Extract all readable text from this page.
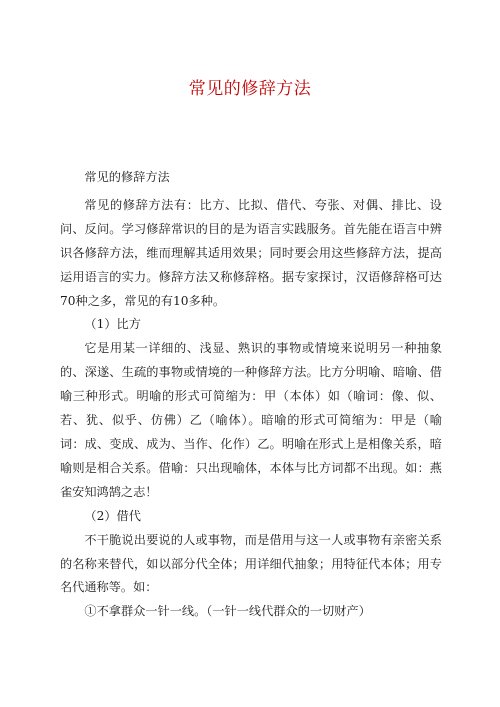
常见的修辞方法

常见的修辞方法

常见的修辞方法有：比方、比拟、借代、夸张、对偶、排比、设问、反问。学习修辞常识的目的是为语言实践服务。首先能在语言中辨识各修辞方法，维而理解其适用效果；同时要会用这些修辞方法，提高运用语言的实力。修辞方法又称修辞格。据专家探讨，汉语修辞格可达70种之多，常见的有10多种。

（1）比方

它是用某一详细的、浅显、熟识的事物或情境来说明另一种抽象的、深遂、生疏的事物或情境的一种修辞方法。比方分明喻、暗喻、借喻三种形式。明喻的形式可简缩为：甲（本体）如（喻词：像、似、若、犹、似乎、仿佛）乙（喻体）。暗喻的形式可简缩为：甲是（喻词：成、变成、成为、当作、化作）乙。明喻在形式上是相像关系，暗喻则是相合关系。借喻：只出现喻体，本体与比方词都不出现。如：燕雀安知鸿鹄之志！

（2）借代

不干脆说出要说的人或事物，而是借用与这一人或事物有亲密关系的名称来替代，如以部分代全体；用详细代抽象；用特征代本体；用专名代通称等。如：

①不拿群众一针一线。（一针一线代群众的一切财产）
